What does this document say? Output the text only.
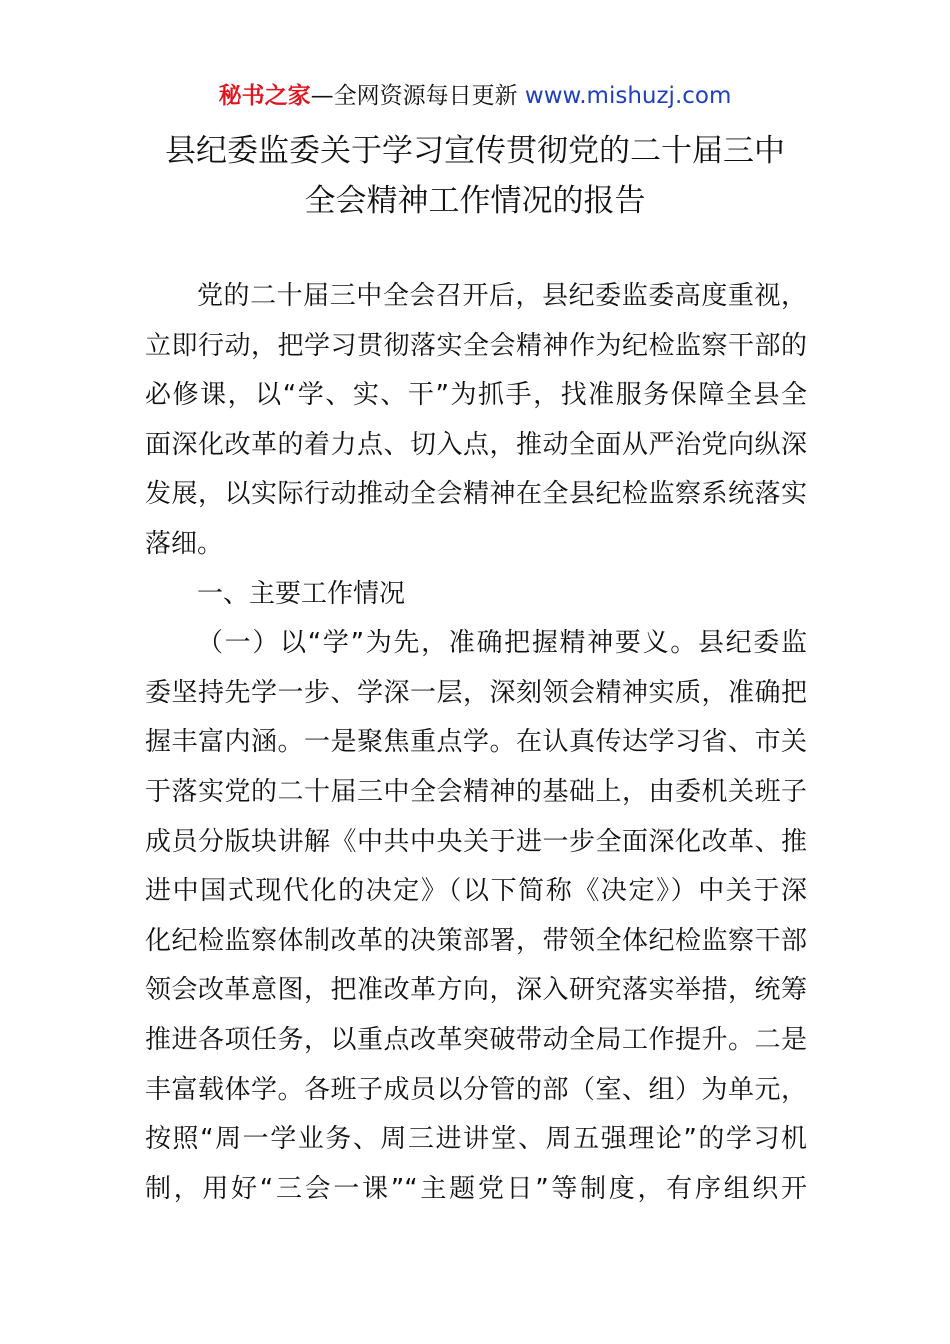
秘书之家—全网资源每日更新 www.mishuzj.com
县纪委监委关于学习宣传贯彻党的二十届三中
全会精神工作情况的报告
党的二十届三中全会召开后，县纪委监委高度重视，
立即行动，把学习贯彻落实全会精神作为纪检监察干部的
必修课，以“学、实、干”为抓手，找准服务保障全县全
面深化改革的着力点、切入点，推动全面从严治党向纵深
发展，以实际行动推动全会精神在全县纪检监察系统落实
落细。
一、主要工作情况
（一）以“学”为先，准确把握精神要义。县纪委监
委坚持先学一步、学深一层，深刻领会精神实质，准确把
握丰富内涵。一是聚焦重点学。在认真传达学习省、市关
于落实党的二十届三中全会精神的基础上，由委机关班子
成员分版块讲解《中共中央关于进一步全面深化改革、推
进中国式现代化的决定》（以下简称《决定》）中关于深
化纪检监察体制改革的决策部署，带领全体纪检监察干部
领会改革意图，把准改革方向，深入研究落实举措，统筹
推进各项任务，以重点改革突破带动全局工作提升。二是
丰富载体学。各班子成员以分管的部（室、组）为单元，
按照“周一学业务、周三进讲堂、周五强理论”的学习机
制，用好“三会一课”“主题党日”等制度，有序组织开
